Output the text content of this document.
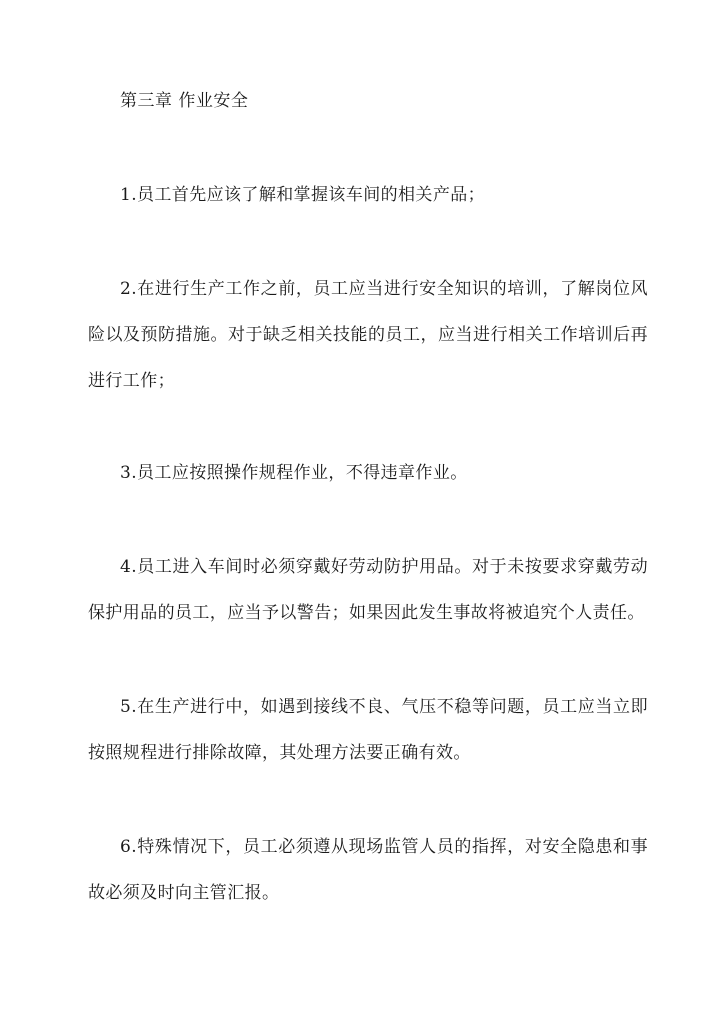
第三章 作业安全

1.员工首先应该了解和掌握该车间的相关产品；

2.在进行生产工作之前，员工应当进行安全知识的培训，了解岗位风险以及预防措施。对于缺乏相关技能的员工，应当进行相关工作培训后再进行工作；

3.员工应按照操作规程作业，不得违章作业。

4.员工进入车间时必须穿戴好劳动防护用品。对于未按要求穿戴劳动保护用品的员工，应当予以警告；如果因此发生事故将被追究个人责任。

5.在生产进行中，如遇到接线不良、气压不稳等问题，员工应当立即按照规程进行排除故障，其处理方法要正确有效。

6.特殊情况下，员工必须遵从现场监管人员的指挥，对安全隐患和事故必须及时向主管汇报。
